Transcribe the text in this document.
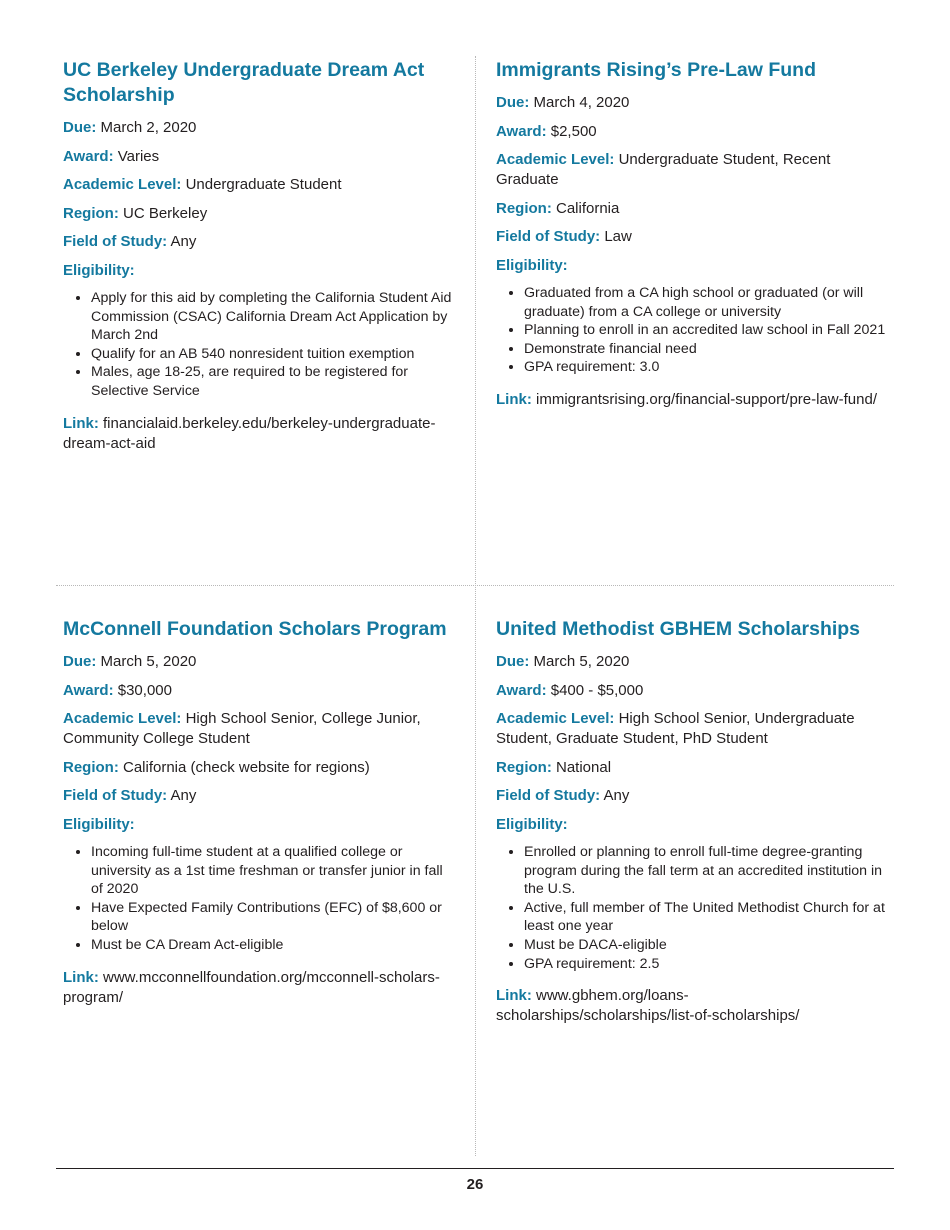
UC Berkeley Undergraduate Dream Act Scholarship

Due: March 2, 2020

Award: Varies

Academic Level: Undergraduate Student

Region: UC Berkeley

Field of Study: Any

Eligibility:

• Apply for this aid by completing the California Student Aid Commission (CSAC) California Dream Act Application by March 2nd
• Qualify for an AB 540 nonresident tuition exemption
• Males, age 18-25, are required to be registered for Selective Service

Link: financialaid.berkeley.edu/berkeley-undergraduate-dream-act-aid

Immigrants Rising’s Pre-Law Fund

Due: March 4, 2020

Award: $2,500

Academic Level: Undergraduate Student, Recent Graduate

Region: California

Field of Study: Law

Eligibility:

• Graduated from a CA high school or graduated (or will graduate) from a CA college or university
• Planning to enroll in an accredited law school in Fall 2021
• Demonstrate financial need
• GPA requirement: 3.0

Link: immigrantsrising.org/financial-support/pre-law-fund/

McConnell Foundation Scholars Program

Due: March 5, 2020

Award: $30,000

Academic Level: High School Senior, College Junior, Community College Student

Region: California (check website for regions)

Field of Study: Any

Eligibility:

• Incoming full-time student at a qualified college or university as a 1st time freshman or transfer junior in fall of 2020
• Have Expected Family Contributions (EFC) of $8,600 or below
• Must be CA Dream Act-eligible

Link: www.mcconnellfoundation.org/mcconnell-scholars-program/

United Methodist GBHEM Scholarships

Due: March 5, 2020

Award: $400 - $5,000

Academic Level: High School Senior, Undergraduate Student, Graduate Student, PhD Student

Region: National

Field of Study: Any

Eligibility:

• Enrolled or planning to enroll full-time degree-granting program during the fall term at an accredited institution in the U.S.
• Active, full member of The United Methodist Church for at least one year
• Must be DACA-eligible
• GPA requirement: 2.5

Link: www.gbhem.org/loans-scholarships/scholarships/list-of-scholarships/

26
